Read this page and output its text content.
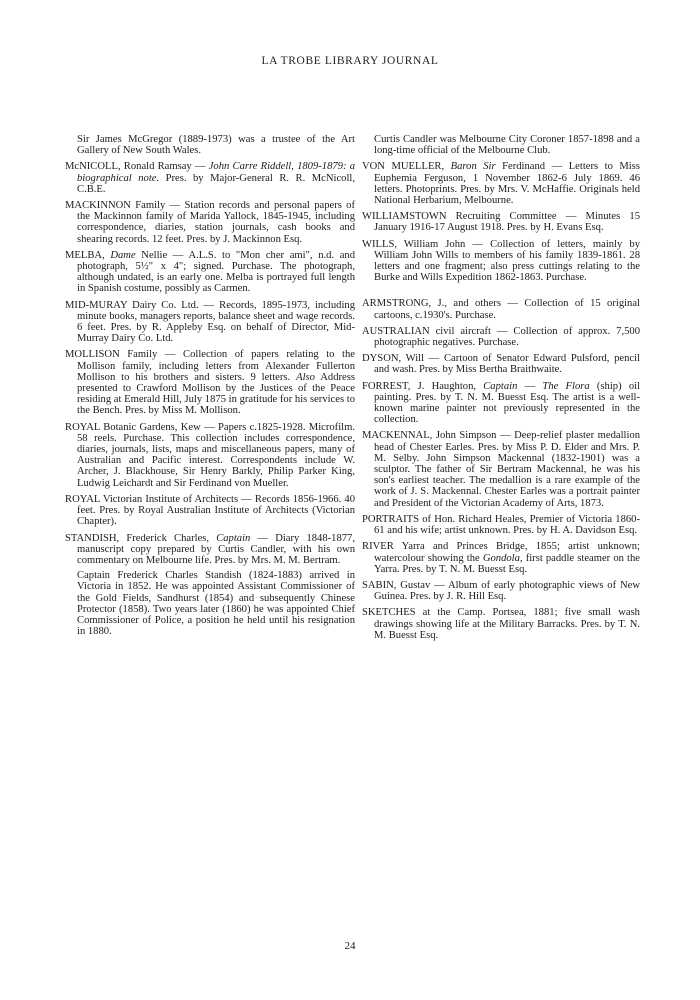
LA TROBE LIBRARY JOURNAL

Sir James McGregor (1889-1973) was a trustee of the Art Gallery of New South Wales.

McNICOLL, Ronald Ramsay — John Carre Riddell, 1809-1879: a biographical note. Pres. by Major-General R. R. McNicoll, C.B.E.

MACKINNON Family — Station records and personal papers of the Mackinnon family of Marida Yallock, 1845-1945, including correspondence, diaries, station journals, cash books and shearing records. 12 feet. Pres. by J. Mackinnon Esq.

MELBA, Dame Nellie — A.L.S. to "Mon cher ami", n.d. and photograph, 5½" x 4"; signed. Purchase. The photograph, although undated, is an early one. Melba is portrayed full length in Spanish costume, possibly as Carmen.

MID-MURAY Dairy Co. Ltd. — Records, 1895-1973, including minute books, managers reports, balance sheet and wage records. 6 feet. Pres. by R. Appleby Esq. on behalf of Director, Mid-Murray Dairy Co. Ltd.

MOLLISON Family — Collection of papers relating to the Mollison family, including letters from Alexander Fullerton Mollison to his brothers and sisters. 9 letters. Also Address presented to Crawford Mollison by the Justices of the Peace residing at Emerald Hill, July 1875 in gratitude for his services to the Bench. Pres. by Miss M. Mollison.

ROYAL Botanic Gardens, Kew — Papers c.1825-1928. Microfilm. 58 reels. Purchase. This collection includes correspondence, diaries, journals, lists, maps and miscellaneous papers, many of Australian and Pacific interest. Correspondents include W. Archer, J. Blackhouse, Sir Henry Barkly, Philip Parker King, Ludwig Leichardt and Sir Ferdinand von Mueller.

ROYAL Victorian Institute of Architects — Records 1856-1966. 40 feet. Pres. by Royal Australian Institute of Architects (Victorian Chapter).

STANDISH, Frederick Charles, Captain — Diary 1848-1877, manuscript copy prepared by Curtis Candler, with his own commentary on Melbourne life. Pres. by Mrs. M. M. Bertram.
Captain Frederick Charles Standish (1824-1883) arrived in Victoria in 1852. He was appointed Assistant Commissioner of the Gold Fields, Sandhurst (1854) and subsequently Chinese Protector (1858). Two years later (1860) he was appointed Chief Commissioner of Police, a position he held until his resignation in 1880.

Curtis Candler was Melbourne City Coroner 1857-1898 and a long-time official of the Melbourne Club.

VON MUELLER, Baron Sir Ferdinand — Letters to Miss Euphemia Ferguson, 1 November 1862-6 July 1869. 46 letters. Photoprints. Pres. by Mrs. V. McHaffie. Originals held National Herbarium, Melbourne.

WILLIAMSTOWN Recruiting Committee — Minutes 15 January 1916-17 August 1918. Pres. by H. Evans Esq.

WILLS, William John — Collection of letters, mainly by William John Wills to members of his family 1839-1861. 28 letters and one fragment; also press cuttings relating to the Burke and Wills Expedition 1862-1863. Purchase.

ARMSTRONG, J., and others — Collection of 15 original cartoons, c.1930's. Purchase.

AUSTRALIAN civil aircraft — Collection of approx. 7,500 photographic negatives. Purchase.

DYSON, Will — Cartoon of Senator Edward Pulsford, pencil and wash. Pres. by Miss Bertha Braithwaite.

FORREST, J. Haughton, Captain — The Flora (ship) oil painting. Pres. by T. N. M. Buesst Esq. The artist is a well-known marine painter not previously represented in the collection.

MACKENNAL, John Simpson — Deep-relief plaster medallion head of Chester Earles. Pres. by Miss P. D. Elder and Mrs. P. M. Selby. John Simpson Mackennal (1832-1901) was a sculptor. The father of Sir Bertram Mackennal, he was his son's earliest teacher. The medallion is a rare example of the work of J. S. Mackennal. Chester Earles was a portrait painter and President of the Victorian Academy of Arts, 1873.

PORTRAITS of Hon. Richard Heales, Premier of Victoria 1860-61 and his wife; artist unknown. Pres. by H. A. Davidson Esq.

RIVER Yarra and Princes Bridge, 1855; artist unknown; watercolour showing the Gondola, first paddle steamer on the Yarra. Pres. by T. N. M. Buesst Esq.

SABIN, Gustav — Album of early photographic views of New Guinea. Pres. by J. R. Hill Esq.

SKETCHES at the Camp. Portsea, 1881; five small wash drawings showing life at the Military Barracks. Pres. by T. N. M. Buesst Esq.

24
